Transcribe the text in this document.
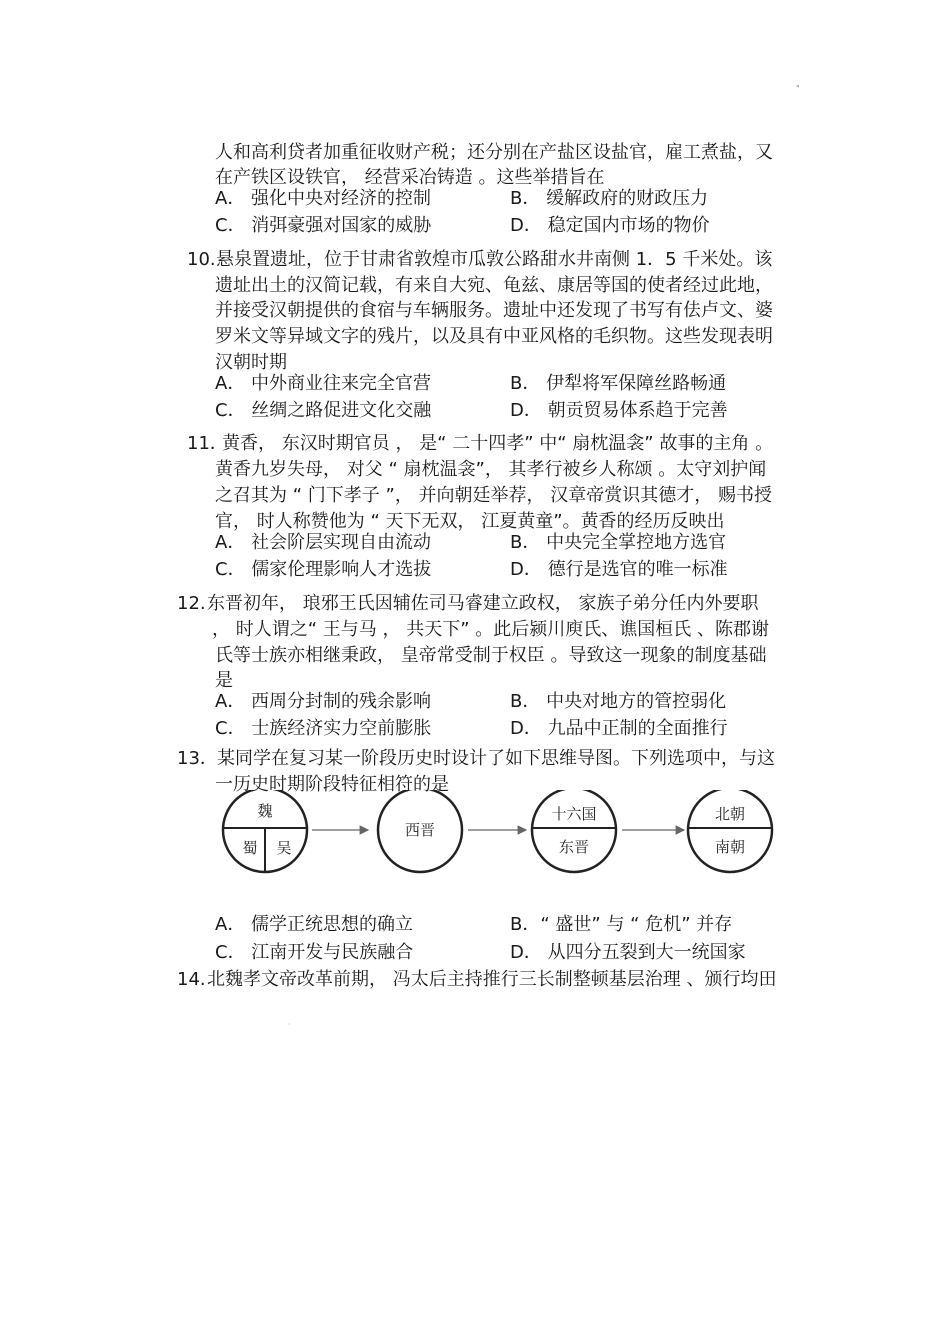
"
人和高利贷者加重征收财产税；还分别在产盐区设盐官，雇工煮盐，又
在产铁区设铁官， 经营采冶铸造 。这些举措旨在
A． 强化中央对经济的控制	B． 缓解政府的财政压力
C． 消弭豪强对国家的威胁	D． 稳定国内市场的物价
10. 悬泉置遗址，位于甘肃省敦煌市瓜敦公路甜水井南侧 1．5 千米处。该
遗址出土的汉简记载，有来自大宛、龟兹、康居等国的使者经过此地，
并接受汉朝提供的食宿与车辆服务。遗址中还发现了书写有佉卢文、婆
罗米文等异域文字的残片，以及具有中亚风格的毛织物。这些发现表明
汉朝时期
A． 中外商业往来完全官营	B． 伊犁将军保障丝路畅通
C． 丝绸之路促进文化交融	D． 朝贡贸易体系趋于完善
11．
黄香， 东汉时期官员 ， 是“ 二十四孝” 中“ 扇枕温衾” 故事的主角 。
黄香九岁失母， 对父 “ 扇枕温衾”， 其孝行被乡人称颂 。太守刘护闻
之召其为 “ 门下孝子 ”， 并向朝廷举荐， 汉章帝赏识其德才， 赐书授
官， 时人称赞他为 “ 天下无双， 江夏黄童”。黄香的经历反映出
A． 社会阶层实现自由流动	B． 中央完全掌控地方选官
C． 儒家伦理影响人才选拔	D． 德行是选官的唯一标准
12. 东晋初年， 琅邪王氏因辅佐司马睿建立政权， 家族子弟分任内外要职
， 时人谓之“ 王与马 ， 共天下” 。此后颍川庾氏、谯国桓氏 、陈郡谢
氏等士族亦相继秉政， 皇帝常受制于权臣 。导致这一现象的制度基础
是
A． 西周分封制的残余影响	B． 中央对地方的管控弱化
C． 士族经济实力空前膨胀	D． 九品中正制的全面推行
13． 某同学在复习某一阶段历史时设计了如下思维导图。下列选项中，与这
一历史时期阶段特征相符的是
魏
蜀 吴
西晋
十六国
东晋
北朝
南朝
A． 儒学正统思想的确立	B．“ 盛世” 与 “ 危机” 并存
C． 江南开发与民族融合	D． 从四分五裂到大一统国家
14. 北魏孝文帝改革前期， 冯太后主持推行三长制整顿基层治理 、颁行均田
·
